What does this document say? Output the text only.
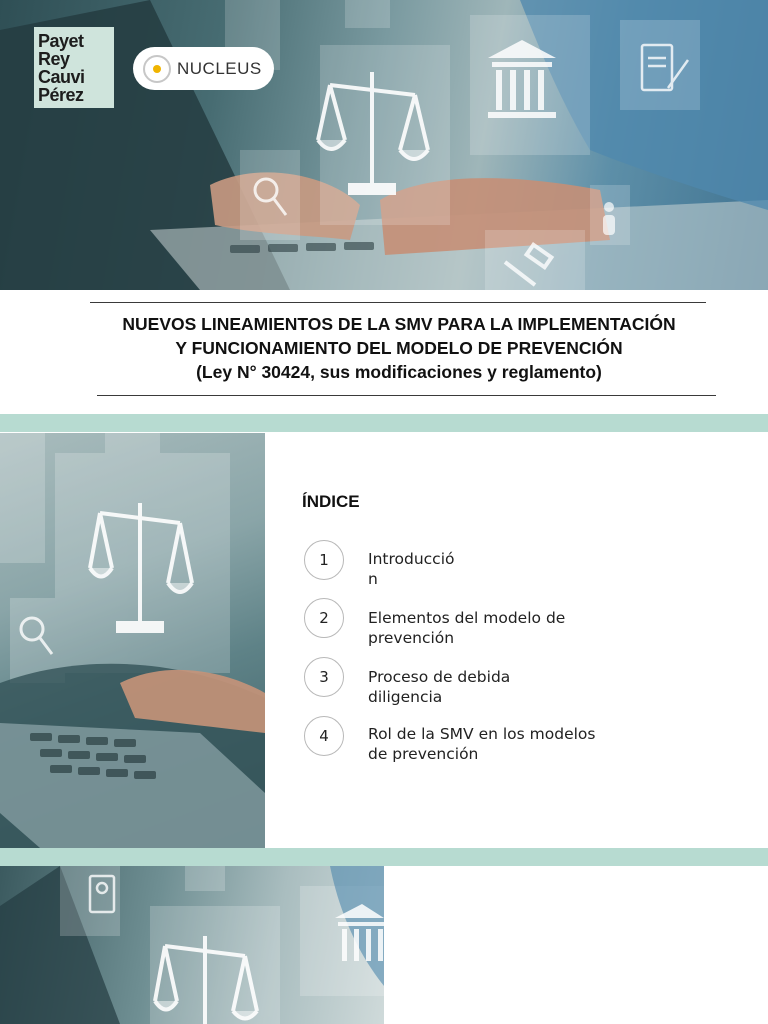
Payet
Rey
Cauvi
Pérez
NUCLEUS
NUEVOS LINEAMIENTOS DE LA SMV PARA LA IMPLEMENTACIÓN
Y FUNCIONAMIENTO DEL MODELO DE PREVENCIÓN
(Ley N° 30424, sus modificaciones y reglamento)
ÍNDICE
1	Introducció
n
2	Elementos del modelo de
prevención
3	Proceso de debida
diligencia
4	Rol de la SMV en los modelos
de prevención
